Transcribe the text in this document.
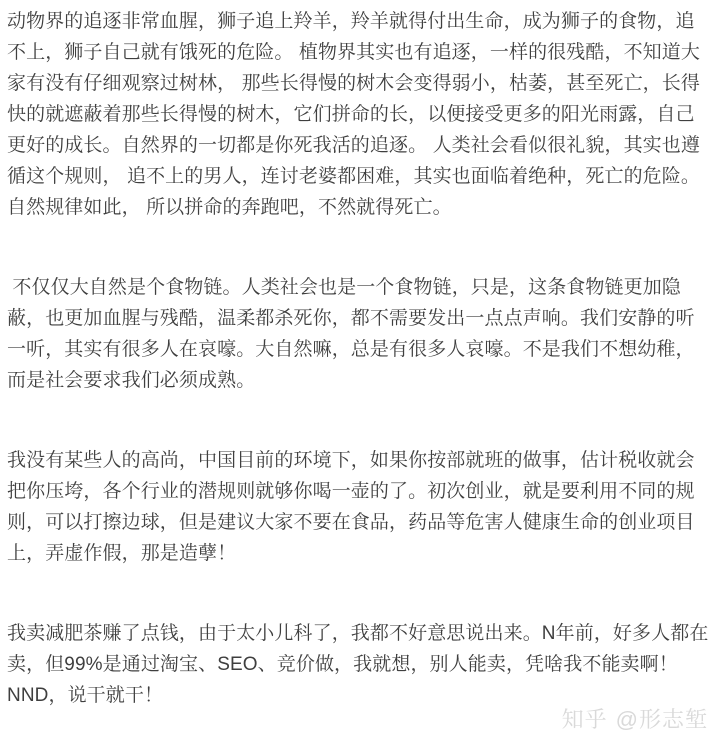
动物界的追逐非常血腥，狮子追上羚羊，羚羊就得付出生命，成为狮子的食物，追不上，狮子自己就有饿死的危险。 植物界其实也有追逐，一样的很残酷，不知道大家有没有仔细观察过树林， 那些长得慢的树木会变得弱小，枯萎，甚至死亡，长得快的就遮蔽着那些长得慢的树木，它们拼命的长，以便接受更多的阳光雨露，自己更好的成长。自然界的一切都是你死我活的追逐。 人类社会看似很礼貌，其实也遵循这个规则， 追不上的男人，连讨老婆都困难，其实也面临着绝种，死亡的危险。 自然规律如此， 所以拼命的奔跑吧，不然就得死亡。

不仅仅大自然是个食物链。人类社会也是一个食物链，只是，这条食物链更加隐蔽，也更加血腥与残酷，温柔都杀死你，都不需要发出一点点声响。我们安静的听一听，其实有很多人在哀嚎。大自然嘛，总是有很多人哀嚎。不是我们不想幼稚，而是社会要求我们必须成熟。

我没有某些人的高尚，中国目前的环境下，如果你按部就班的做事，估计税收就会把你压垮，各个行业的潜规则就够你喝一壶的了。初次创业，就是要利用不同的规则，可以打擦边球，但是建议大家不要在食品，药品等危害人健康生命的创业项目上，弄虚作假，那是造孽！

我卖减肥茶赚了点钱，由于太小儿科了，我都不好意思说出来。N年前，好多人都在卖，但99%是通过淘宝、SEO、竞价做，我就想，别人能卖，凭啥我不能卖啊！NND，说干就干！

知乎 @形志堑
